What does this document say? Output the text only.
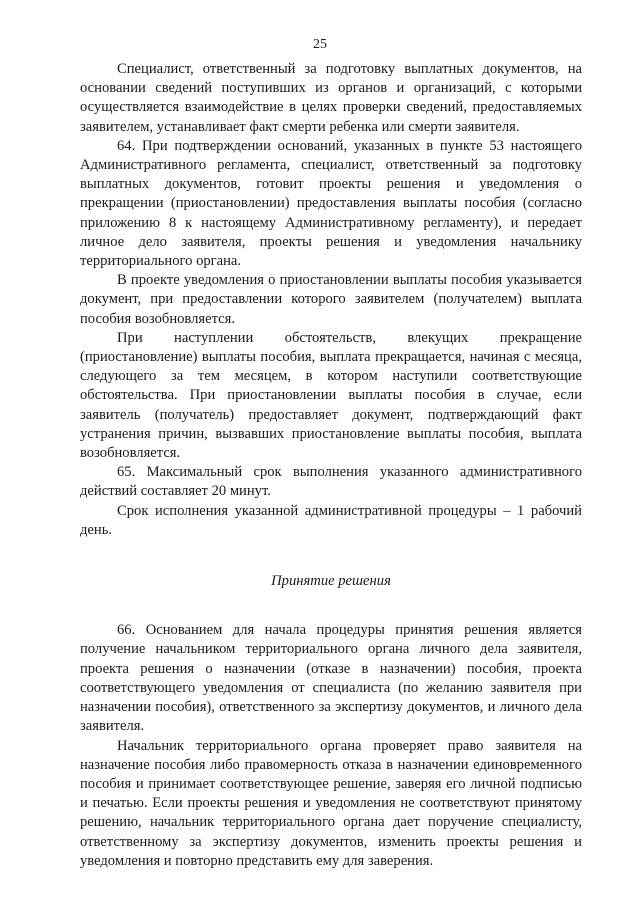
25

Специалист, ответственный за подготовку выплатных документов, на основании сведений поступивших из органов и организаций, с которыми осуществляется взаимодействие в целях проверки сведений, предоставляемых заявителем, устанавливает факт смерти ребенка или смерти заявителя.

64. При подтверждении оснований, указанных в пункте 53 настоящего Административного регламента, специалист, ответственный за подготовку выплатных документов, готовит проекты решения и уведомления о прекращении (приостановлении) предоставления выплаты пособия (согласно приложению 8 к настоящему Административному регламенту), и передает личное дело заявителя, проекты решения и уведомления начальнику территориального органа.

В проекте уведомления о приостановлении выплаты пособия указывается документ, при предоставлении которого заявителем (получателем) выплата пособия возобновляется.

При наступлении обстоятельств, влекущих прекращение (приостановление) выплаты пособия, выплата прекращается, начиная с месяца, следующего за тем месяцем, в котором наступили соответствующие обстоятельства. При приостановлении выплаты пособия в случае, если заявитель (получатель) предоставляет документ, подтверждающий факт устранения причин, вызвавших приостановление выплаты пособия, выплата возобновляется.

65. Максимальный срок выполнения указанного административного действий составляет 20 минут.

Срок исполнения указанной административной процедуры – 1 рабочий день.

Принятие решения

66. Основанием для начала процедуры принятия решения является получение начальником территориального органа личного дела заявителя, проекта решения о назначении (отказе в назначении) пособия, проекта соответствующего уведомления от специалиста (по желанию заявителя при назначении пособия), ответственного за экспертизу документов, и личного дела заявителя.

Начальник территориального органа проверяет право заявителя на назначение пособия либо правомерность отказа в назначении единовременного пособия и принимает соответствующее решение, заверяя его личной подписью и печатью. Если проекты решения и уведомления не соответствуют принятому решению, начальник территориального органа дает поручение специалисту, ответственному за экспертизу документов, изменить проекты решения и уведомления и повторно представить ему для заверения.
